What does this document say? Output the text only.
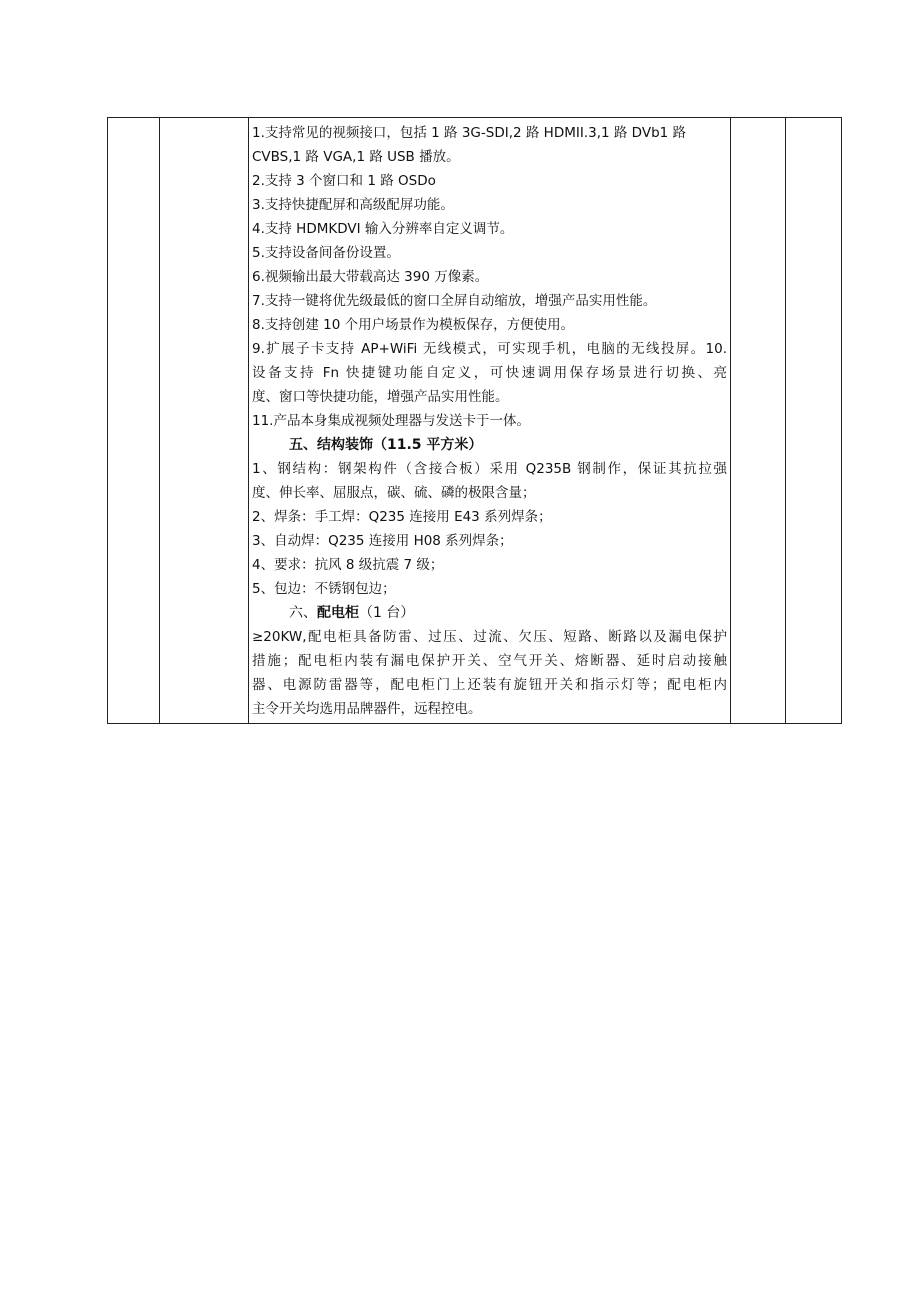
1.支持常见的视频接口，包括 1 路 3G-SDI,2 路 HDMII.3,1 路 DVb1 路
CVBS,1 路 VGA,1 路 USB 播放。
2.支持 3 个窗口和 1 路 OSDo
3.支持快捷配屏和高级配屏功能。
4.支持 HDMKDVI 输入分辨率自定义调节。
5.支持设备间备份设置。
6.视频输出最大带载高达 390 万像素。
7.支持一键将优先级最低的窗口全屏自动缩放，增强产品实用性能。
8.支持创建 10 个用户场景作为模板保存，方便使用。
9.扩展子卡支持 AP+WiFi 无线模式，可实现手机，电脑的无线投屏。10.
设备支持 Fn 快捷键功能自定义，可快速调用保存场景进行切换、亮
度、窗口等快捷功能，增强产品实用性能。
11.产品本身集成视频处理器与发送卡于一体。
五、结构装饰（11.5 平方米）
1、钢结构：钢架构件（含接合板）采用 Q235B 钢制作，保证其抗拉强
度、伸长率、屈服点，碳、硫、磷的极限含量；
2、焊条：手工焊：Q235 连接用 E43 系列焊条；
3、自动焊：Q235 连接用 H08 系列焊条；
4、要求：抗风 8 级抗震 7 级；
5、包边：不锈钢包边；
六、配电柜（1 台）
≥20KW,配电柜具备防雷、过压、过流、欠压、短路、断路以及漏电保护
措施；配电柜内装有漏电保护开关、空气开关、熔断器、延时启动接触
器、电源防雷器等，配电柜门上还装有旋钮开关和指示灯等；配电柜内
主令开关均选用品牌器件，远程控电。
